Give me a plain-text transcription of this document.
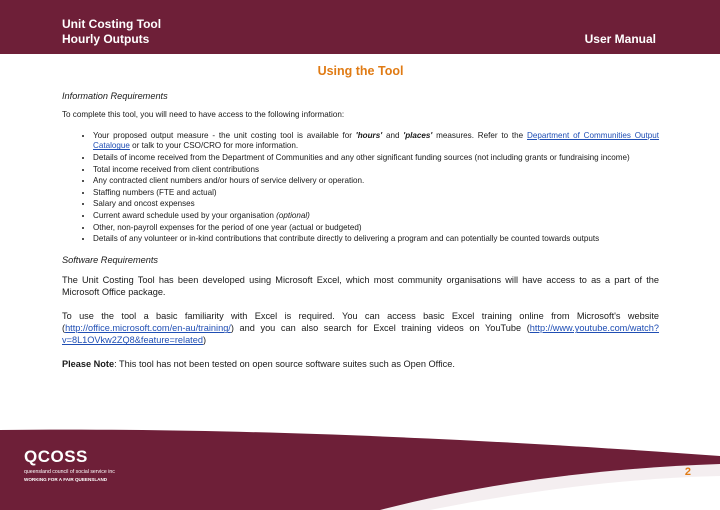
Unit Costing Tool
Hourly Outputs	User Manual
Using the Tool
Information Requirements

To complete this tool, you will need to have access to the following information:

• Your proposed output measure - the unit costing tool is available for 'hours' and 'places' measures. Refer to the Department of Communities Output Catalogue or talk to your CSO/CRO for more information.
• Details of income received from the Department of Communities and any other significant funding sources (not including grants or fundraising income)
• Total income received from client contributions
• Any contracted client numbers and/or hours of service delivery or operation.
• Staffing numbers (FTE and actual)
• Salary and oncost expenses
• Current award schedule used by your organisation (optional)
• Other, non-payroll expenses for the period of one year (actual or budgeted)
• Details of any volunteer or in-kind contributions that contribute directly to delivering a program and can potentially be counted towards outputs
Software Requirements

The Unit Costing Tool has been developed using Microsoft Excel, which most community organisations will have access to as a part of the Microsoft Office package.

To use the tool a basic familiarity with Excel is required. You can access basic Excel training online from Microsoft's website (http://office.microsoft.com/en-au/training/) and you can also search for Excel training videos on YouTube (http://www.youtube.com/watch?v=8L1OVkw2ZQ8&feature=related)

Please Note: This tool has not been tested on open source software suites such as Open Office.

QCOSS
queensland council of social service inc
WORKING FOR A FAIR QUEENSLAND
2
